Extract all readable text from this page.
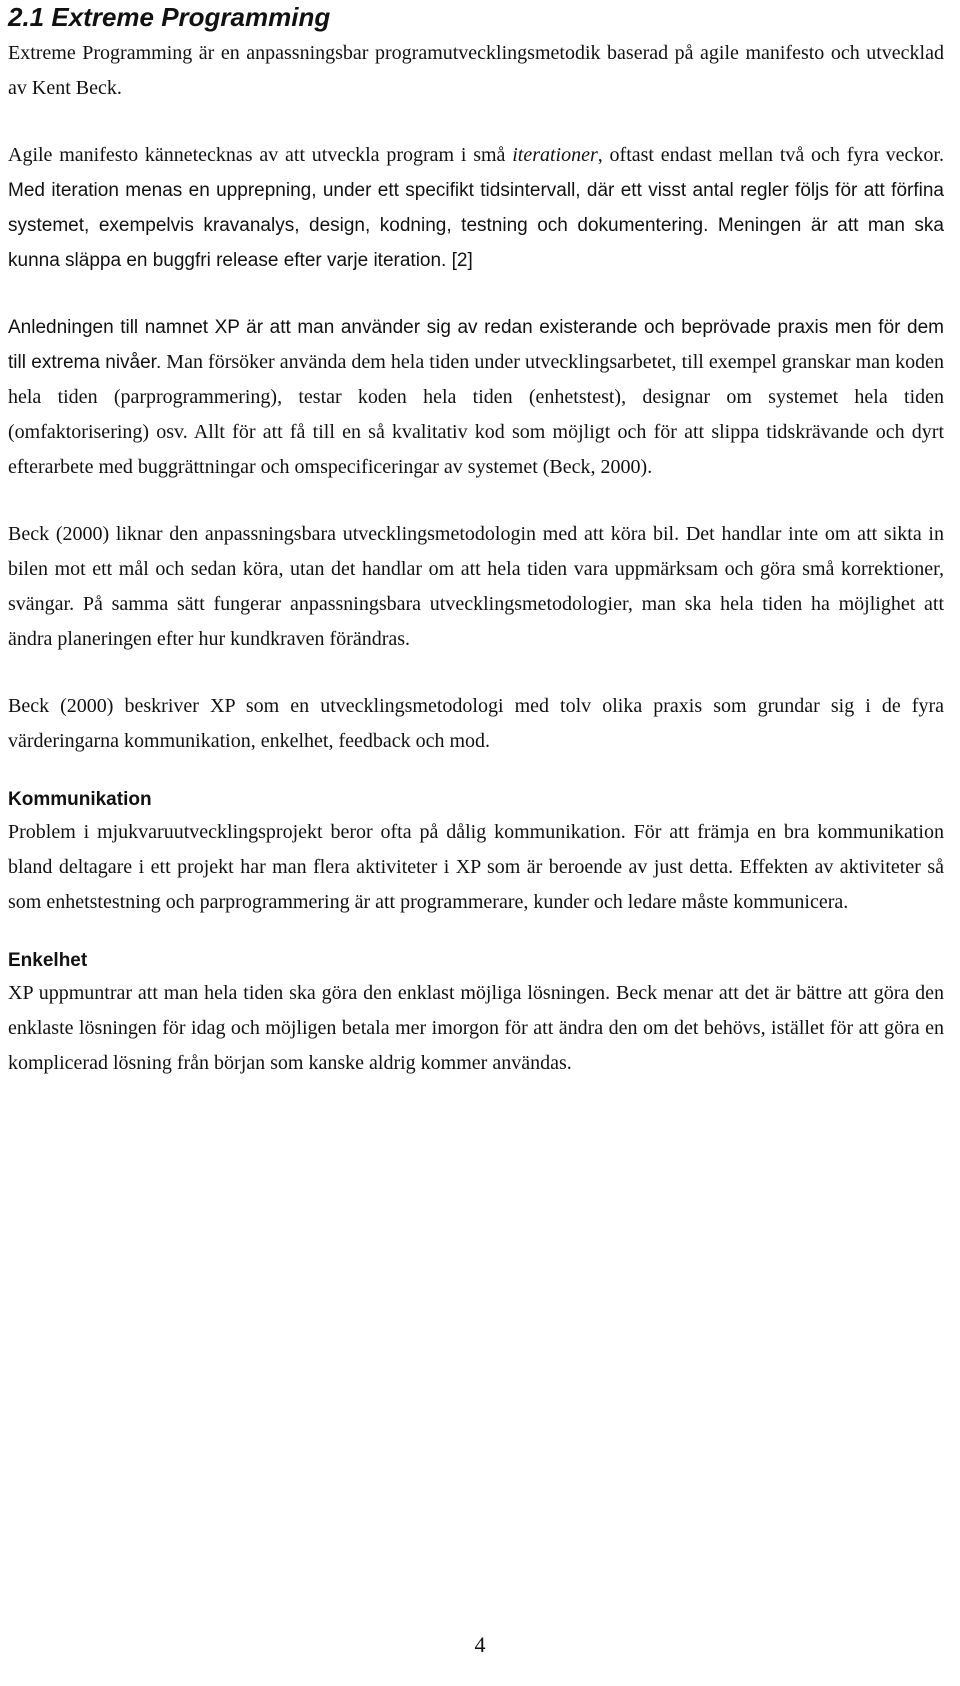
2.1 Extreme Programming

Extreme Programming är en anpassningsbar programutvecklingsmetodik baserad på agile manifesto och utvecklad av Kent Beck.

Agile manifesto kännetecknas av att utveckla program i små iterationer, oftast endast mellan två och fyra veckor. Med iteration menas en upprepning, under ett specifikt tidsintervall, där ett visst antal regler följs för att förfina systemet, exempelvis kravanalys, design, kodning, testning och dokumentering. Meningen är att man ska kunna släppa en buggfri release efter varje iteration. [2]

Anledningen till namnet XP är att man använder sig av redan existerande och beprövade praxis men för dem till extrema nivåer. Man försöker använda dem hela tiden under utvecklingsarbetet, till exempel granskar man koden hela tiden (parprogrammering), testar koden hela tiden (enhetstest), designar om systemet hela tiden (omfaktorisering) osv. Allt för att få till en så kvalitativ kod som möjligt och för att slippa tidskrävande och dyrt efterarbete med buggrättningar och omspecificeringar av systemet (Beck, 2000).

Beck (2000) liknar den anpassningsbara utvecklingsmetodologin med att köra bil. Det handlar inte om att sikta in bilen mot ett mål och sedan köra, utan det handlar om att hela tiden vara uppmärksam och göra små korrektioner, svängar. På samma sätt fungerar anpassningsbara utvecklingsmetodologier, man ska hela tiden ha möjlighet att ändra planeringen efter hur kundkraven förändras.

Beck (2000) beskriver XP som en utvecklingsmetodologi med tolv olika praxis som grundar sig i de fyra värderingarna kommunikation, enkelhet, feedback och mod.

Kommunikation

Problem i mjukvaruutvecklingsprojekt beror ofta på dålig kommunikation. För att främja en bra kommunikation bland deltagare i ett projekt har man flera aktiviteter i XP som är beroende av just detta. Effekten av aktiviteter så som enhetstestning och parprogrammering är att programmerare, kunder och ledare måste kommunicera.

Enkelhet

XP uppmuntrar att man hela tiden ska göra den enklast möjliga lösningen. Beck menar att det är bättre att göra den enklaste lösningen för idag och möjligen betala mer imorgon för att ändra den om det behövs, istället för att göra en komplicerad lösning från början som kanske aldrig kommer användas.

4
